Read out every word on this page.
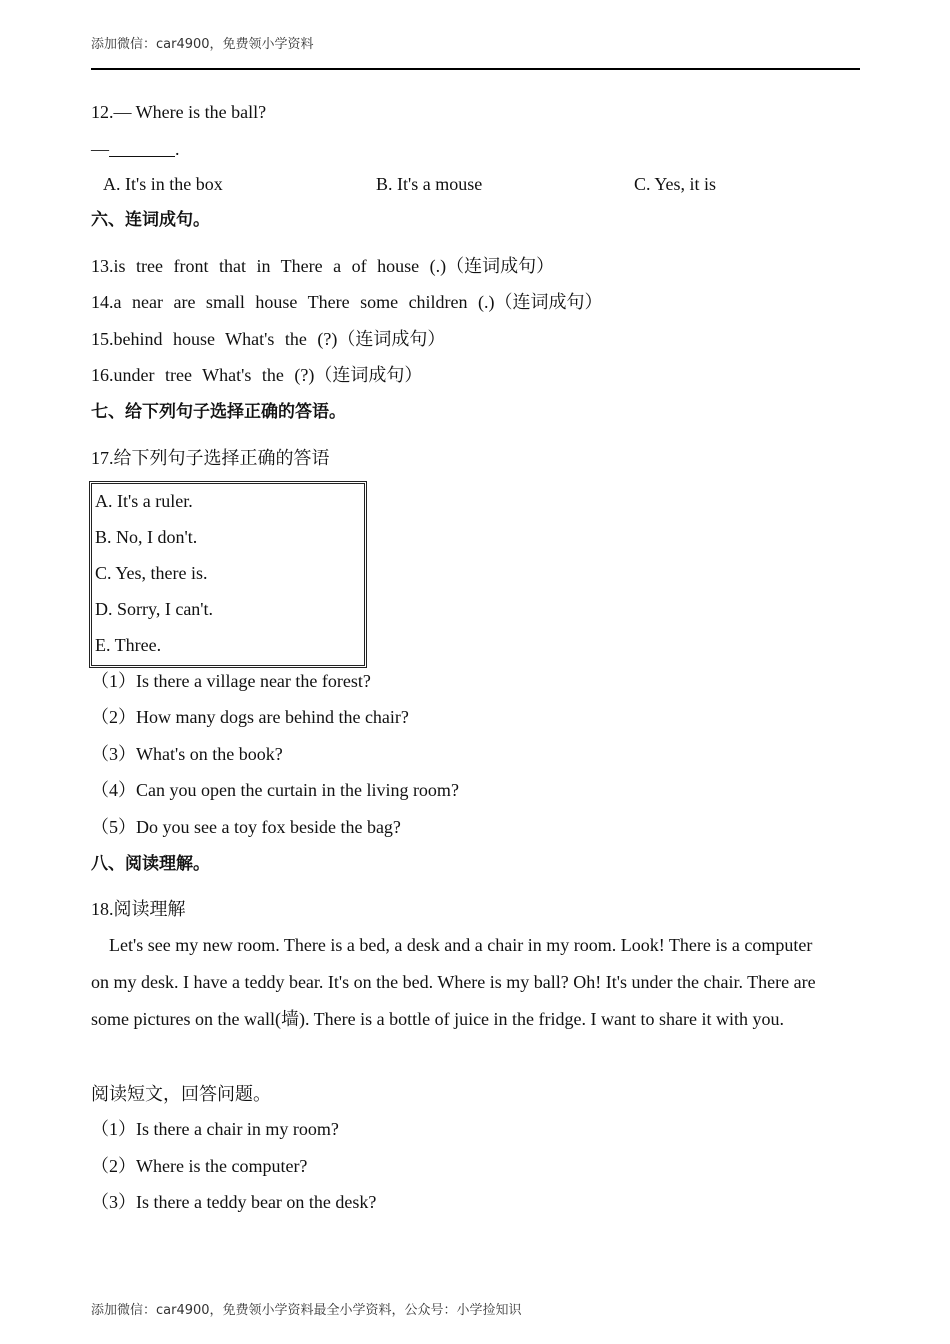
添加微信：car4900，免费领小学资料
12.— Where is the ball?
—	.
A. It's in the box	B. It's a mouse	C. Yes, it is
六、连词成句。
13.is tree front that in There a of house (.)（连词成句）
14.a near are small house There some children (.)（连词成句）
15.behind house What's the (?)（连词成句）
16.under tree What's the (?)（连词成句）
七、给下列句子选择正确的答语。
17.给下列句子选择正确的答语
A. It's a ruler.
B. No, I don't.
C. Yes, there is.
D. Sorry, I can't.
E. Three.
（1）Is there a village near the forest?
（2）How many dogs are behind the chair?
（3）What's on the book?
（4）Can you open the curtain in the living room?
（5）Do you see a toy fox beside the bag?
八、阅读理解。
18.阅读理解
Let's see my new room. There is a bed, a desk and a chair in my room. Look! There is a computer on my desk. I have a teddy bear. It's on the bed. Where is my ball? Oh! It's under the chair. There are some pictures on the wall(墙). There is a bottle of juice in the fridge. I want to share it with you.
阅读短文，回答问题。
（1）Is there a chair in my room?
（2）Where is the computer?
（3）Is there a teddy bear on the desk?
添加微信：car4900，免费领小学资料最全小学资料，公众号：小学捡知识
